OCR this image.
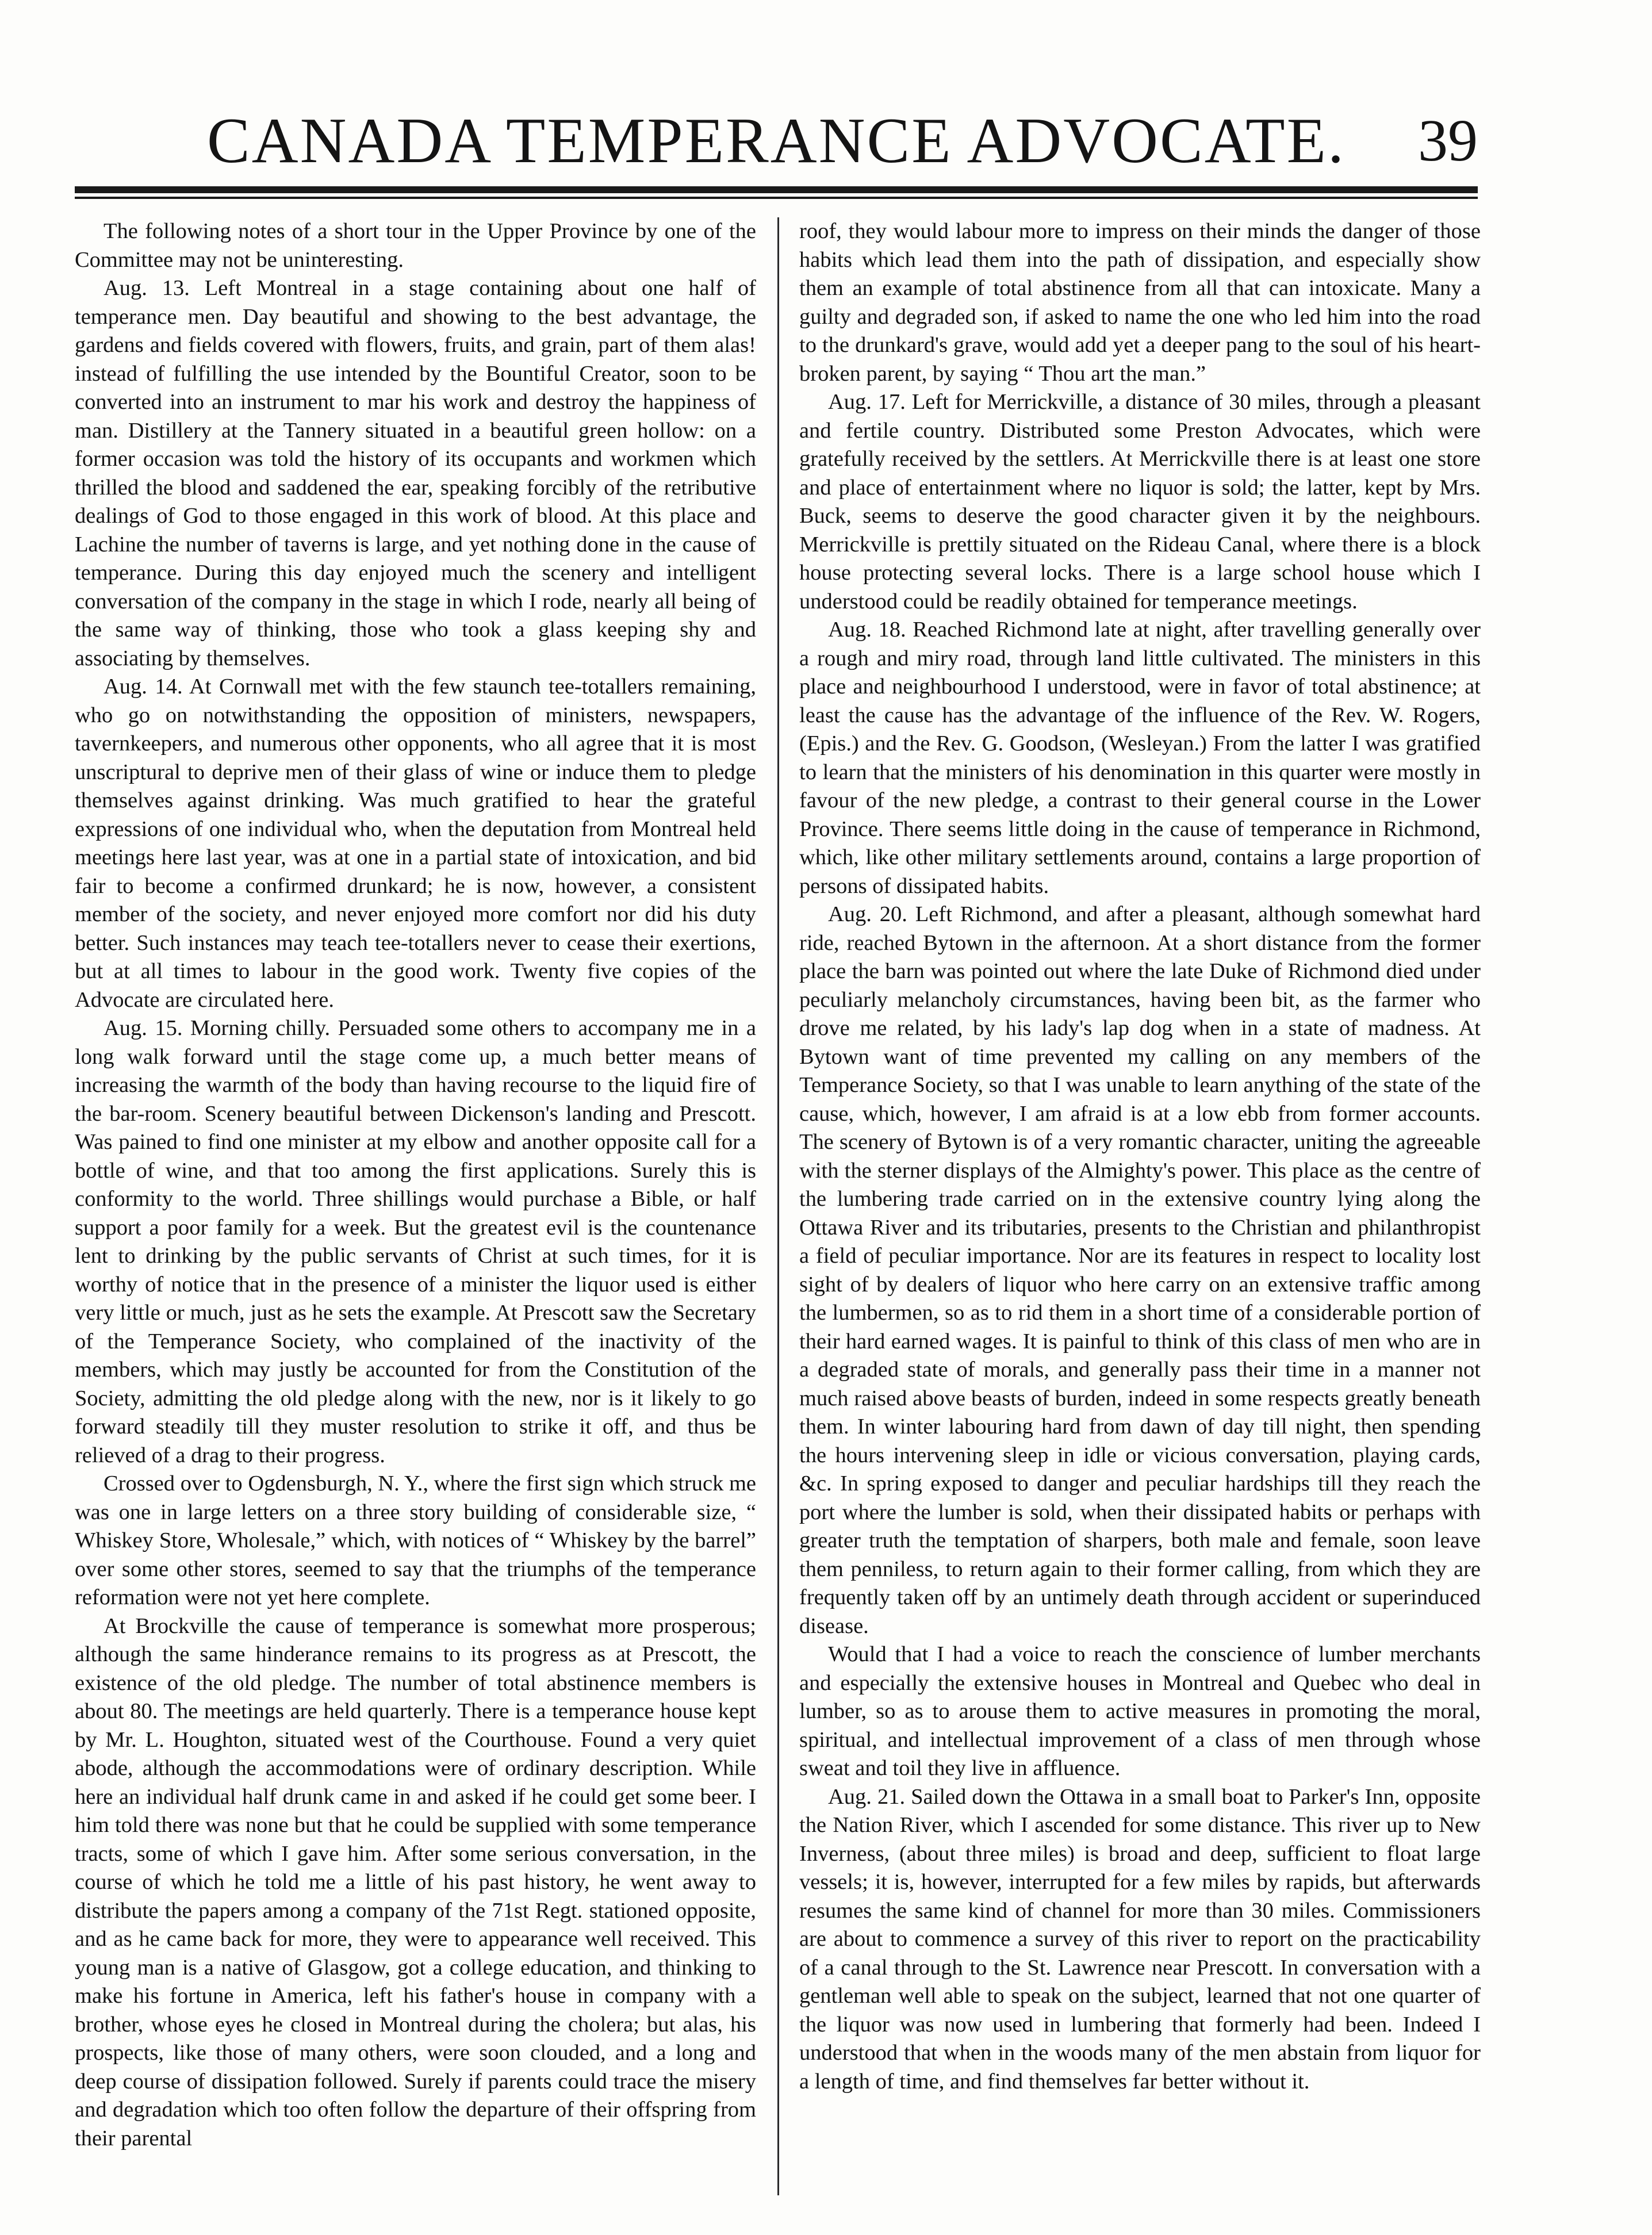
CANADA TEMPERANCE ADVOCATE.	39

The following notes of a short tour in the Upper Province by one of the Committee may not be uninteresting.

Aug. 13. Left Montreal in a stage containing about one half of temperance men. Day beautiful and showing to the best advantage, the gardens and fields covered with flowers, fruits, and grain, part of them alas! instead of fulfilling the use intended by the Bountiful Creator, soon to be converted into an instrument to mar his work and destroy the happiness of man. Distillery at the Tannery situated in a beautiful green hollow: on a former occasion was told the history of its occupants and workmen which thrilled the blood and saddened the ear, speaking forcibly of the retributive dealings of God to those engaged in this work of blood. At this place and Lachine the number of taverns is large, and yet nothing done in the cause of temperance. During this day enjoyed much the scenery and intelligent conversation of the company in the stage in which I rode, nearly all being of the same way of thinking, those who took a glass keeping shy and associating by themselves.

Aug. 14. At Cornwall met with the few staunch tee-totallers remaining, who go on notwithstanding the opposition of ministers, newspapers, tavernkeepers, and numerous other opponents, who all agree that it is most unscriptural to deprive men of their glass of wine or induce them to pledge themselves against drinking. Was much gratified to hear the grateful expressions of one individual who, when the deputation from Montreal held meetings here last year, was at one in a partial state of intoxication, and bid fair to become a confirmed drunkard; he is now, however, a consistent member of the society, and never enjoyed more comfort nor did his duty better. Such instances may teach tee-totallers never to cease their exertions, but at all times to labour in the good work. Twenty five copies of the Advocate are circulated here.

Aug. 15. Morning chilly. Persuaded some others to accompany me in a long walk forward until the stage come up, a much better means of increasing the warmth of the body than having recourse to the liquid fire of the bar-room. Scenery beautiful between Dickenson's landing and Prescott. Was pained to find one minister at my elbow and another opposite call for a bottle of wine, and that too among the first applications. Surely this is conformity to the world. Three shillings would purchase a Bible, or half support a poor family for a week. But the greatest evil is the countenance lent to drinking by the public servants of Christ at such times, for it is worthy of notice that in the presence of a minister the liquor used is either very little or much, just as he sets the example. At Prescott saw the Secretary of the Temperance Society, who complained of the inactivity of the members, which may justly be accounted for from the Constitution of the Society, admitting the old pledge along with the new, nor is it likely to go forward steadily till they muster resolution to strike it off, and thus be relieved of a drag to their progress.

Crossed over to Ogdensburgh, N. Y., where the first sign which struck me was one in large letters on a three story building of considerable size, “ Whiskey Store, Wholesale,” which, with notices of “ Whiskey by the barrel” over some other stores, seemed to say that the triumphs of the temperance reformation were not yet here complete.

At Brockville the cause of temperance is somewhat more prosperous; although the same hinderance remains to its progress as at Prescott, the existence of the old pledge. The number of total abstinence members is about 80. The meetings are held quarterly. There is a temperance house kept by Mr. L. Houghton, situated west of the Courthouse. Found a very quiet abode, although the accommodations were of ordinary description. While here an individual half drunk came in and asked if he could get some beer. I him told there was none but that he could be supplied with some temperance tracts, some of which I gave him. After some serious conversation, in the course of which he told me a little of his past history, he went away to distribute the papers among a company of the 71st Regt. stationed opposite, and as he came back for more, they were to appearance well received. This young man is a native of Glasgow, got a college education, and thinking to make his fortune in America, left his father's house in company with a brother, whose eyes he closed in Montreal during the cholera; but alas, his prospects, like those of many others, were soon clouded, and a long and deep course of dissipation followed. Surely if parents could trace the misery and degradation which too often follow the departure of their offspring from their parental

roof, they would labour more to impress on their minds the danger of those habits which lead them into the path of dissipation, and especially show them an example of total abstinence from all that can intoxicate. Many a guilty and degraded son, if asked to name the one who led him into the road to the drunkard's grave, would add yet a deeper pang to the soul of his heart-broken parent, by saying “ Thou art the man.”

Aug. 17. Left for Merrickville, a distance of 30 miles, through a pleasant and fertile country. Distributed some Preston Advocates, which were gratefully received by the settlers. At Merrickville there is at least one store and place of entertainment where no liquor is sold; the latter, kept by Mrs. Buck, seems to deserve the good character given it by the neighbours. Merrickville is prettily situated on the Rideau Canal, where there is a block house protecting several locks. There is a large school house which I understood could be readily obtained for temperance meetings.

Aug. 18. Reached Richmond late at night, after travelling generally over a rough and miry road, through land little cultivated. The ministers in this place and neighbourhood I understood, were in favor of total abstinence; at least the cause has the advantage of the influence of the Rev. W. Rogers, (Epis.) and the Rev. G. Goodson, (Wesleyan.) From the latter I was gratified to learn that the ministers of his denomination in this quarter were mostly in favour of the new pledge, a contrast to their general course in the Lower Province. There seems little doing in the cause of temperance in Richmond, which, like other military settlements around, contains a large proportion of persons of dissipated habits.

Aug. 20. Left Richmond, and after a pleasant, although somewhat hard ride, reached Bytown in the afternoon. At a short distance from the former place the barn was pointed out where the late Duke of Richmond died under peculiarly melancholy circumstances, having been bit, as the farmer who drove me related, by his lady's lap dog when in a state of madness. At Bytown want of time prevented my calling on any members of the Temperance Society, so that I was unable to learn anything of the state of the cause, which, however, I am afraid is at a low ebb from former accounts. The scenery of Bytown is of a very romantic character, uniting the agreeable with the sterner displays of the Almighty's power. This place as the centre of the lumbering trade carried on in the extensive country lying along the Ottawa River and its tributaries, presents to the Christian and philanthropist a field of peculiar importance. Nor are its features in respect to locality lost sight of by dealers of liquor who here carry on an extensive traffic among the lumbermen, so as to rid them in a short time of a considerable portion of their hard earned wages. It is painful to think of this class of men who are in a degraded state of morals, and generally pass their time in a manner not much raised above beasts of burden, indeed in some respects greatly beneath them. In winter labouring hard from dawn of day till night, then spending the hours intervening sleep in idle or vicious conversation, playing cards, &c. In spring exposed to danger and peculiar hardships till they reach the port where the lumber is sold, when their dissipated habits or perhaps with greater truth the temptation of sharpers, both male and female, soon leave them penniless, to return again to their former calling, from which they are frequently taken off by an untimely death through accident or superinduced disease.

Would that I had a voice to reach the conscience of lumber merchants and especially the extensive houses in Montreal and Quebec who deal in lumber, so as to arouse them to active measures in promoting the moral, spiritual, and intellectual improvement of a class of men through whose sweat and toil they live in affluence.

Aug. 21. Sailed down the Ottawa in a small boat to Parker's Inn, opposite the Nation River, which I ascended for some distance. This river up to New Inverness, (about three miles) is broad and deep, sufficient to float large vessels; it is, however, interrupted for a few miles by rapids, but afterwards resumes the same kind of channel for more than 30 miles. Commissioners are about to commence a survey of this river to report on the practicability of a canal through to the St. Lawrence near Prescott. In conversation with a gentleman well able to speak on the subject, learned that not one quarter of the liquor was now used in lumbering that formerly had been. Indeed I understood that when in the woods many of the men abstain from liquor for a length of time, and find themselves far better without it.
